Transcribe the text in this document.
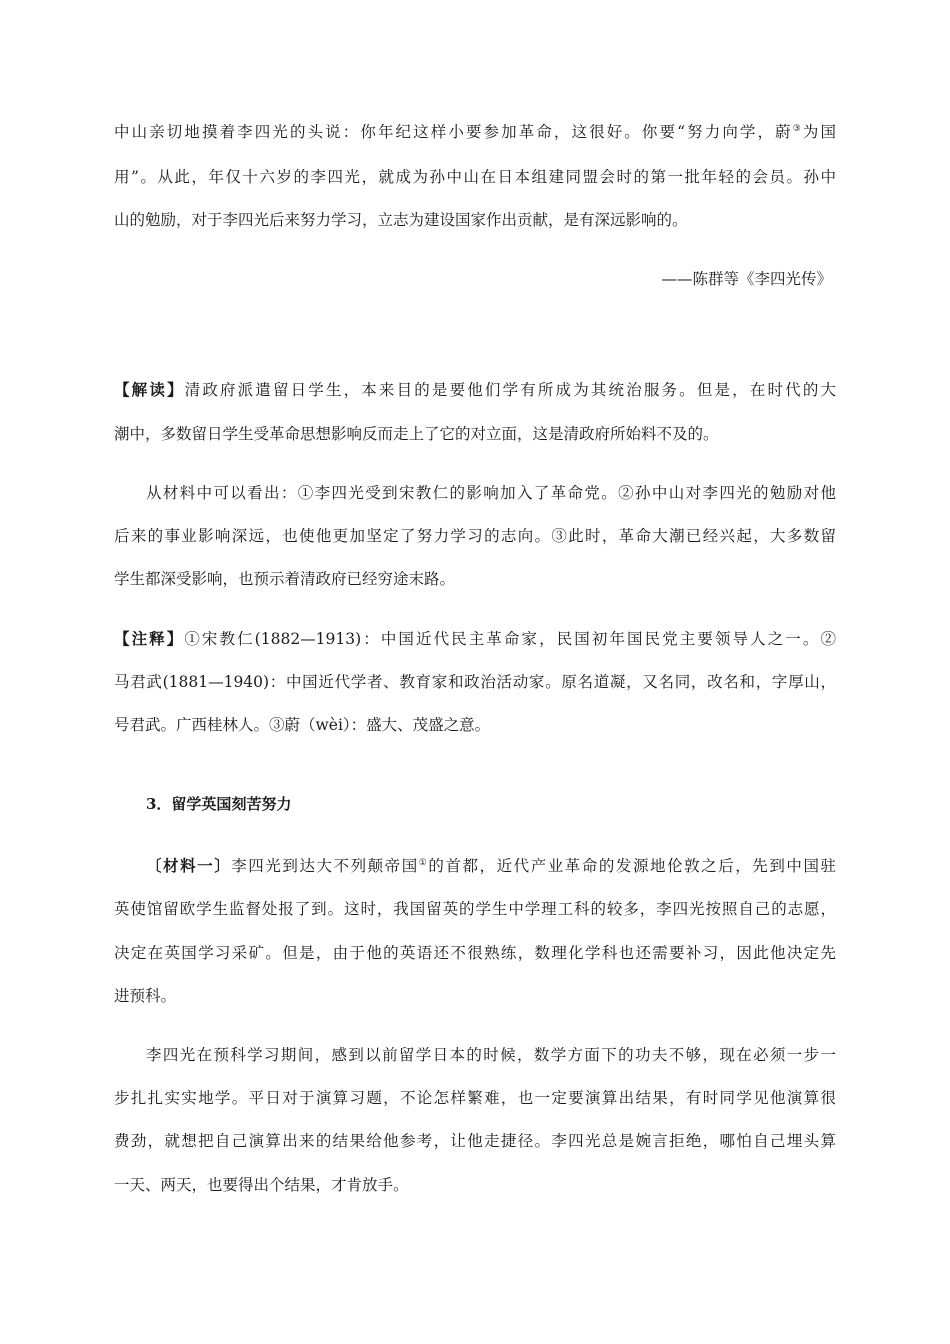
中山亲切地摸着李四光的头说：你年纪这样小要参加革命，这很好。你要“努力向学，蔚③为国
用”。从此，年仅十六岁的李四光，就成为孙中山在日本组建同盟会时的第一批年轻的会员。孙中
山的勉励，对于李四光后来努力学习，立志为建设国家作出贡献，是有深远影响的。
——陈群等《李四光传》
【解读】清政府派遣留日学生，本来目的是要他们学有所成为其统治服务。但是，在时代的大
潮中，多数留日学生受革命思想影响反而走上了它的对立面，这是清政府所始料不及的。
从材料中可以看出：①李四光受到宋教仁的影响加入了革命党。②孙中山对李四光的勉励对他
后来的事业影响深远，也使他更加坚定了努力学习的志向。③此时，革命大潮已经兴起，大多数留
学生都深受影响，也预示着清政府已经穷途末路。
【注释】①宋教仁(1882—1913)：中国近代民主革命家，民国初年国民党主要领导人之一。②
马君武(1881—1940)：中国近代学者、教育家和政治活动家。原名道凝，又名同，改名和，字厚山，
号君武。广西桂林人。③蔚（wèi）：盛大、茂盛之意。
3．留学英国刻苦努力
〔材料一〕李四光到达大不列颠帝国①的首都，近代产业革命的发源地伦敦之后，先到中国驻
英使馆留欧学生监督处报了到。这时，我国留英的学生中学理工科的较多，李四光按照自己的志愿，
决定在英国学习采矿。但是，由于他的英语还不很熟练，数理化学科也还需要补习，因此他决定先
进预科。
李四光在预科学习期间，感到以前留学日本的时候，数学方面下的功夫不够，现在必须一步一
步扎扎实实地学。平日对于演算习题，不论怎样繁难，也一定要演算出结果，有时同学见他演算很
费劲，就想把自己演算出来的结果给他参考，让他走捷径。李四光总是婉言拒绝，哪怕自己埋头算
一天、两天，也要得出个结果，才肯放手。
